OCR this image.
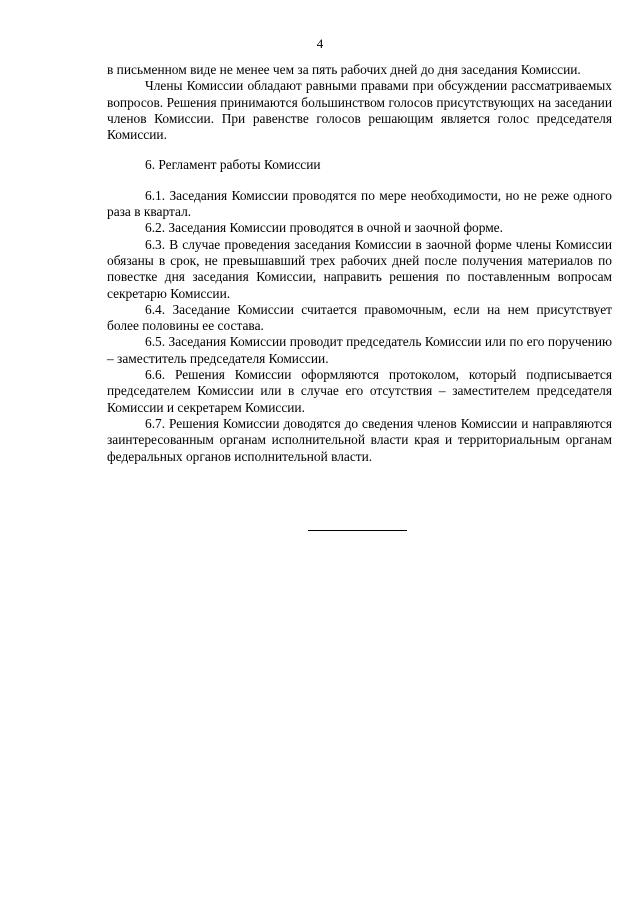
4

в письменном виде не менее чем за пять рабочих дней до дня заседания Комиссии.

Члены Комиссии обладают равными правами при обсуждении рассматриваемых вопросов. Решения принимаются большинством голосов присутствующих на заседании членов Комиссии. При равенстве голосов решающим является голос председателя Комиссии.

6. Регламент работы Комиссии

6.1. Заседания Комиссии проводятся по мере необходимости, но не реже одного раза в квартал.

6.2. Заседания Комиссии проводятся в очной и заочной форме.

6.3. В случае проведения заседания Комиссии в заочной форме члены Комиссии обязаны в срок, не превышавший трех рабочих дней после получения материалов по повестке дня заседания Комиссии, направить решения по поставленным вопросам секретарю Комиссии.

6.4. Заседание Комиссии считается правомочным, если на нем присутствует более половины ее состава.

6.5. Заседания Комиссии проводит председатель Комиссии или по его поручению – заместитель председателя Комиссии.

6.6. Решения Комиссии оформляются протоколом, который подписывается председателем Комиссии или в случае его отсутствия – заместителем председателя Комиссии и секретарем Комиссии.

6.7. Решения Комиссии доводятся до сведения членов Комиссии и направляются заинтересованным органам исполнительной власти края и территориальным органам федеральных органов исполнительной власти.
